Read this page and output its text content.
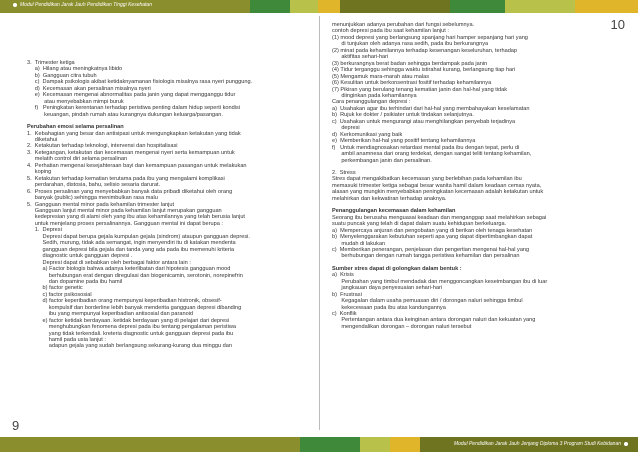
Modul Pendidikan Jarak Jauh Pendidikan Tinggi Kesehatan
10
3.  Trimester ketiga
a)  Hilang atau meningkatnya libido
b)  Gangguan citra tubuh
c)  Dampak psikologis akibat ketidaknyamanan fisiologis misalnya rasa nyeri punggung.
d)  Kecemasan akan persalinan misalnya nyeri
e)  Kecemasan mengenai abnormalitas pada janin yang dapat mengganggu tidur
atau menyebabkan mimpi buruk
f)   Peningkatan kerentanan terhadap peristiwa penting dalam hidup seperti kondisi
keuangan, pindah rumah atau kurangnya dukungan keluarga/pasangan.
Perubahan emosi selama persalinan
1.  Kebahagian yang besar dan antisipasi untuk mengungkapkan ketakutan yang tidak
diketahui
2.  Ketakutan terhadap teknologi, intervensi dan hospitalisasi
3.  Ketegangan, ketakutan dan kecemasan mengenai nyeri serta kemampuan untuk
melatih control diri selama persalinan
4.  Perhatian mengenai kesejahteraan bayi dan kemampuan pasangan untuk melakukan
koping
5.  Ketakutan terhadap kematian terutama pada ibu yang mengalami komplikasi
perdarahan, distosia, bahu, selisio sesaria darurat.
6.  Proses persalinan yang menyebabkan banyak data pribadi diketahui oleh orang
banyak (public) sehingga menimbulkan rasa malu
5.  Gangguan mental minor pada kehamilan trimester lanjut
Gangguan lanjut mental minor pada kehamilan lanjut merupakan gangguan
kedepresian yang di alami oleh yang ibu atas kehamilannya yang telah berusia lanjut
untuk menjelang proses persalinannya. Gangguan mental ini dapat berupa :
1.  Depresi
Depresi dapat berupa gejala kumpulan gejala (sindrom) ataupun gangguan depresi.
Sedih, murung, tidak ada semangat, ingin menyendiri itu di katakan mendenta
gangguan depresi bila gejala dan tanda yang ada pada ibu memenuhi kriteria
diagnostic untuk gangguan depresi .
Depresi dapat di sebabkan oleh berbagai faktor antara lain :
a) Factor biologis bahwa adanya keterlibatan dari hipotesis gangguan mood
berhubungan erat dengan diregulasi dan biogenicamin, serotonin, norepinefrin
dan dopamine pada ibu hamil
b) factor genetic
c) factor psikososial
d) factor keperibadian orang mempunyai keperibadian histronik, obsesif-
kompulsif dan borderline lebih banyak menderita gangguan depresi dibanding
ibu yang mempunyai keperibadian antisosial dan paranoid
e) factor ketidak berdayaan. ketidak berdayaan yang di pelajari dari depresi
menghubungkan fenomena depresi pada ibu tentang pengalaman peristiwa
yang tidak terkendali. kreteria diagnostic untuk gangguan depresi pada ibu
hamil pada usia lanjut :
adapun gejala yang sudah berlangsung sekurang-kurang dua minggu dan
menunjukkan adanya perubahan dari fungsi sebelumnya.
contoh depresi pada ibu saat kehamilan lanjut :
(1) mood depresi yang berlangsung spanjang hari hamper sepanjang hari yang
di tunjukan oleh adanya rasa sedih, pada ibu berkurangnya
(2) minat pada kehamilannya terhadap kesenangan keseluruhan, terhadap
aktifitas sehari-hari
(3) berkurangnya berat badan sehingga berdampak pada janin
(4) Tidur terganggu sehingga waktu istirahat kurang, berlangsung tiap hari
(5) Mengamuk mara-marah atau malas
(6) Kesulitan untuk berkonsentrasi fositif terhadap kehamilannya
(7) Pikiran yang berulang tenang kematian janin dan hal-hal yang tidak
diinginkan pada kehamilannya
Cara penanggulangan depresi :
a)  Usahakan agar ibu terhindari dari hal-hal yang membahayakan keselamatan
b)  Rujuk ke dokter / psikiater untuk tindakan selanjutnya.
c)  Usahakan untuk mengurangi atau menghilangkan penyebab terjadinya
depresi
d)  Kerkomunikasi yang baik
e)  Memberikan hal-hal yang positif tentang kehamilannya
f)   Untuk mendiagnosakan retardasi mental pada ibu dengan tepat, perlu di
ambil anamnesa dari orang terdekat, dengan sangat teliti tentang kehamilan,
perkembangan janin dan persalinan.
2.  Stress
Stres dapat mengakibatkan kecemasan yang berlebihan pada kehamilan ibu
memasuki trimester ketiga sebagai besar wanita hamil dalam keadaan cemas nyata,
alasan yang mungkin menyebabkan peningkatan kecemasan adalah ketakutan untuk
melahirkan dan kekwatiran terhadap anaknya.
Penanggulangan kecemasan dalam kehamilan
Seorang ibu berusaha menguasai keadaan dan menganggap saat melahirkan sebagai
suatu puncak yang telah di dapat dalam suatu kehidupan berkeluarga.
a)  Mempercaya anjuran dan pengobatan yang di berikan oleh tenaga kesehatan
b)  Menyelenggarakan kebutuhan seperti apa yang dapat dipertimbangkan dapat
mudah di lakukan
c)  Memberikan penerangan, penjelasan dan pengertian mengenai hal-hal yang
berhubungan dengan rumah tangga peristiwa kehamilan dan persalinan
Sumber stres dapat di golongkan dalam bentuk :
a)  Krisis
Perubahan yang timbul mendadak dan menggoncangkan keseimbangan ibu di luar
jangkauan daya penyesuaian sehari-hari
b)  Frustrasi
Kegagalan dalam usaha pemuasan diri / dorongan naluri sehingga timbul
kekecewaan pada ibu atas kandungannya
c)  Konflik
Pertentangan antara dua keinginan antara dorongan naluri dan kekuatan yang
mengendalikan dorongan – dorongan naluri tersebut
9
Modul Pendidikan Jarak Jauh Jenjang Diploma 3 Program Studi Kebidanan
